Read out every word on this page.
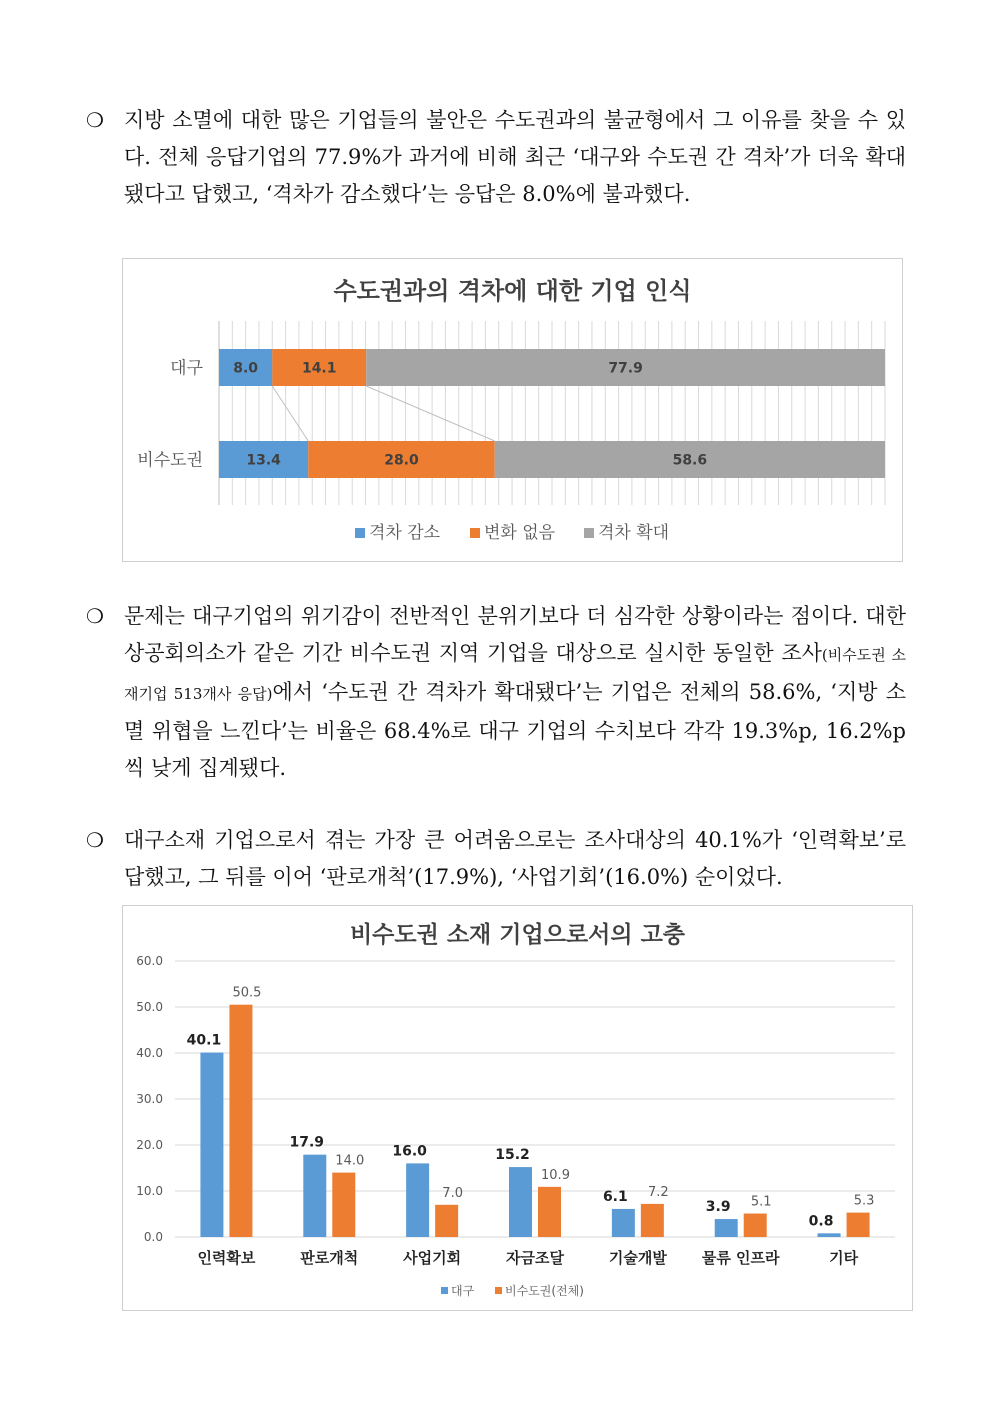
❍ 지방 소멸에 대한 많은 기업들의 불안은 수도권과의 불균형에서 그 이유를 찾을 수 있다. 전체 응답기업의 77.9%가 과거에 비해 최근 ‘대구와 수도권 간 격차’가 더욱 확대됐다고 답했고, ‘격차가 감소했다’는 응답은 8.0%에 불과했다.
수도권과의 격차에 대한 기업 인식
대구 8.0	14.1	77.9
비수도권	13.4	28.0	58.6
격차 감소	변화 없음	격차 확대
❍ 문제는 대구기업의 위기감이 전반적인 분위기보다 더 심각한 상황이라는 점이다. 대한상공회의소가 같은 기간 비수도권 지역 기업을 대상으로 실시한 동일한 조사(비수도권 소재기업 513개사 응답)에서 ‘수도권 간 격차가 확대됐다’는 기업은 전체의 58.6%, ‘지방 소멸 위협을 느낀다’는 비율은 68.4%로 대구 기업의 수치보다 각각 19.3%p, 16.2%p씩 낮게 집계됐다.
❍ 대구소재 기업으로서 겪는 가장 큰 어려움으로는 조사대상의 40.1%가 ‘인력확보’로 답했고, 그 뒤를 이어 ‘판로개척’(17.9%), ‘사업기회’(16.0%) 순이었다.
비수도권 소재 기업으로서의 고충
0.0
10.0
20.0
30.0
40.0
50.0
60.0
40.1
50.5
인력확보
17.9
14.0
판로개척
16.0
7.0
사업기회
15.2
10.9
자금조달
6.1 7.2
기술개발
3.9 5.1
물류 인프라
0.8
5.3
기타
대구	비수도권(전체)
